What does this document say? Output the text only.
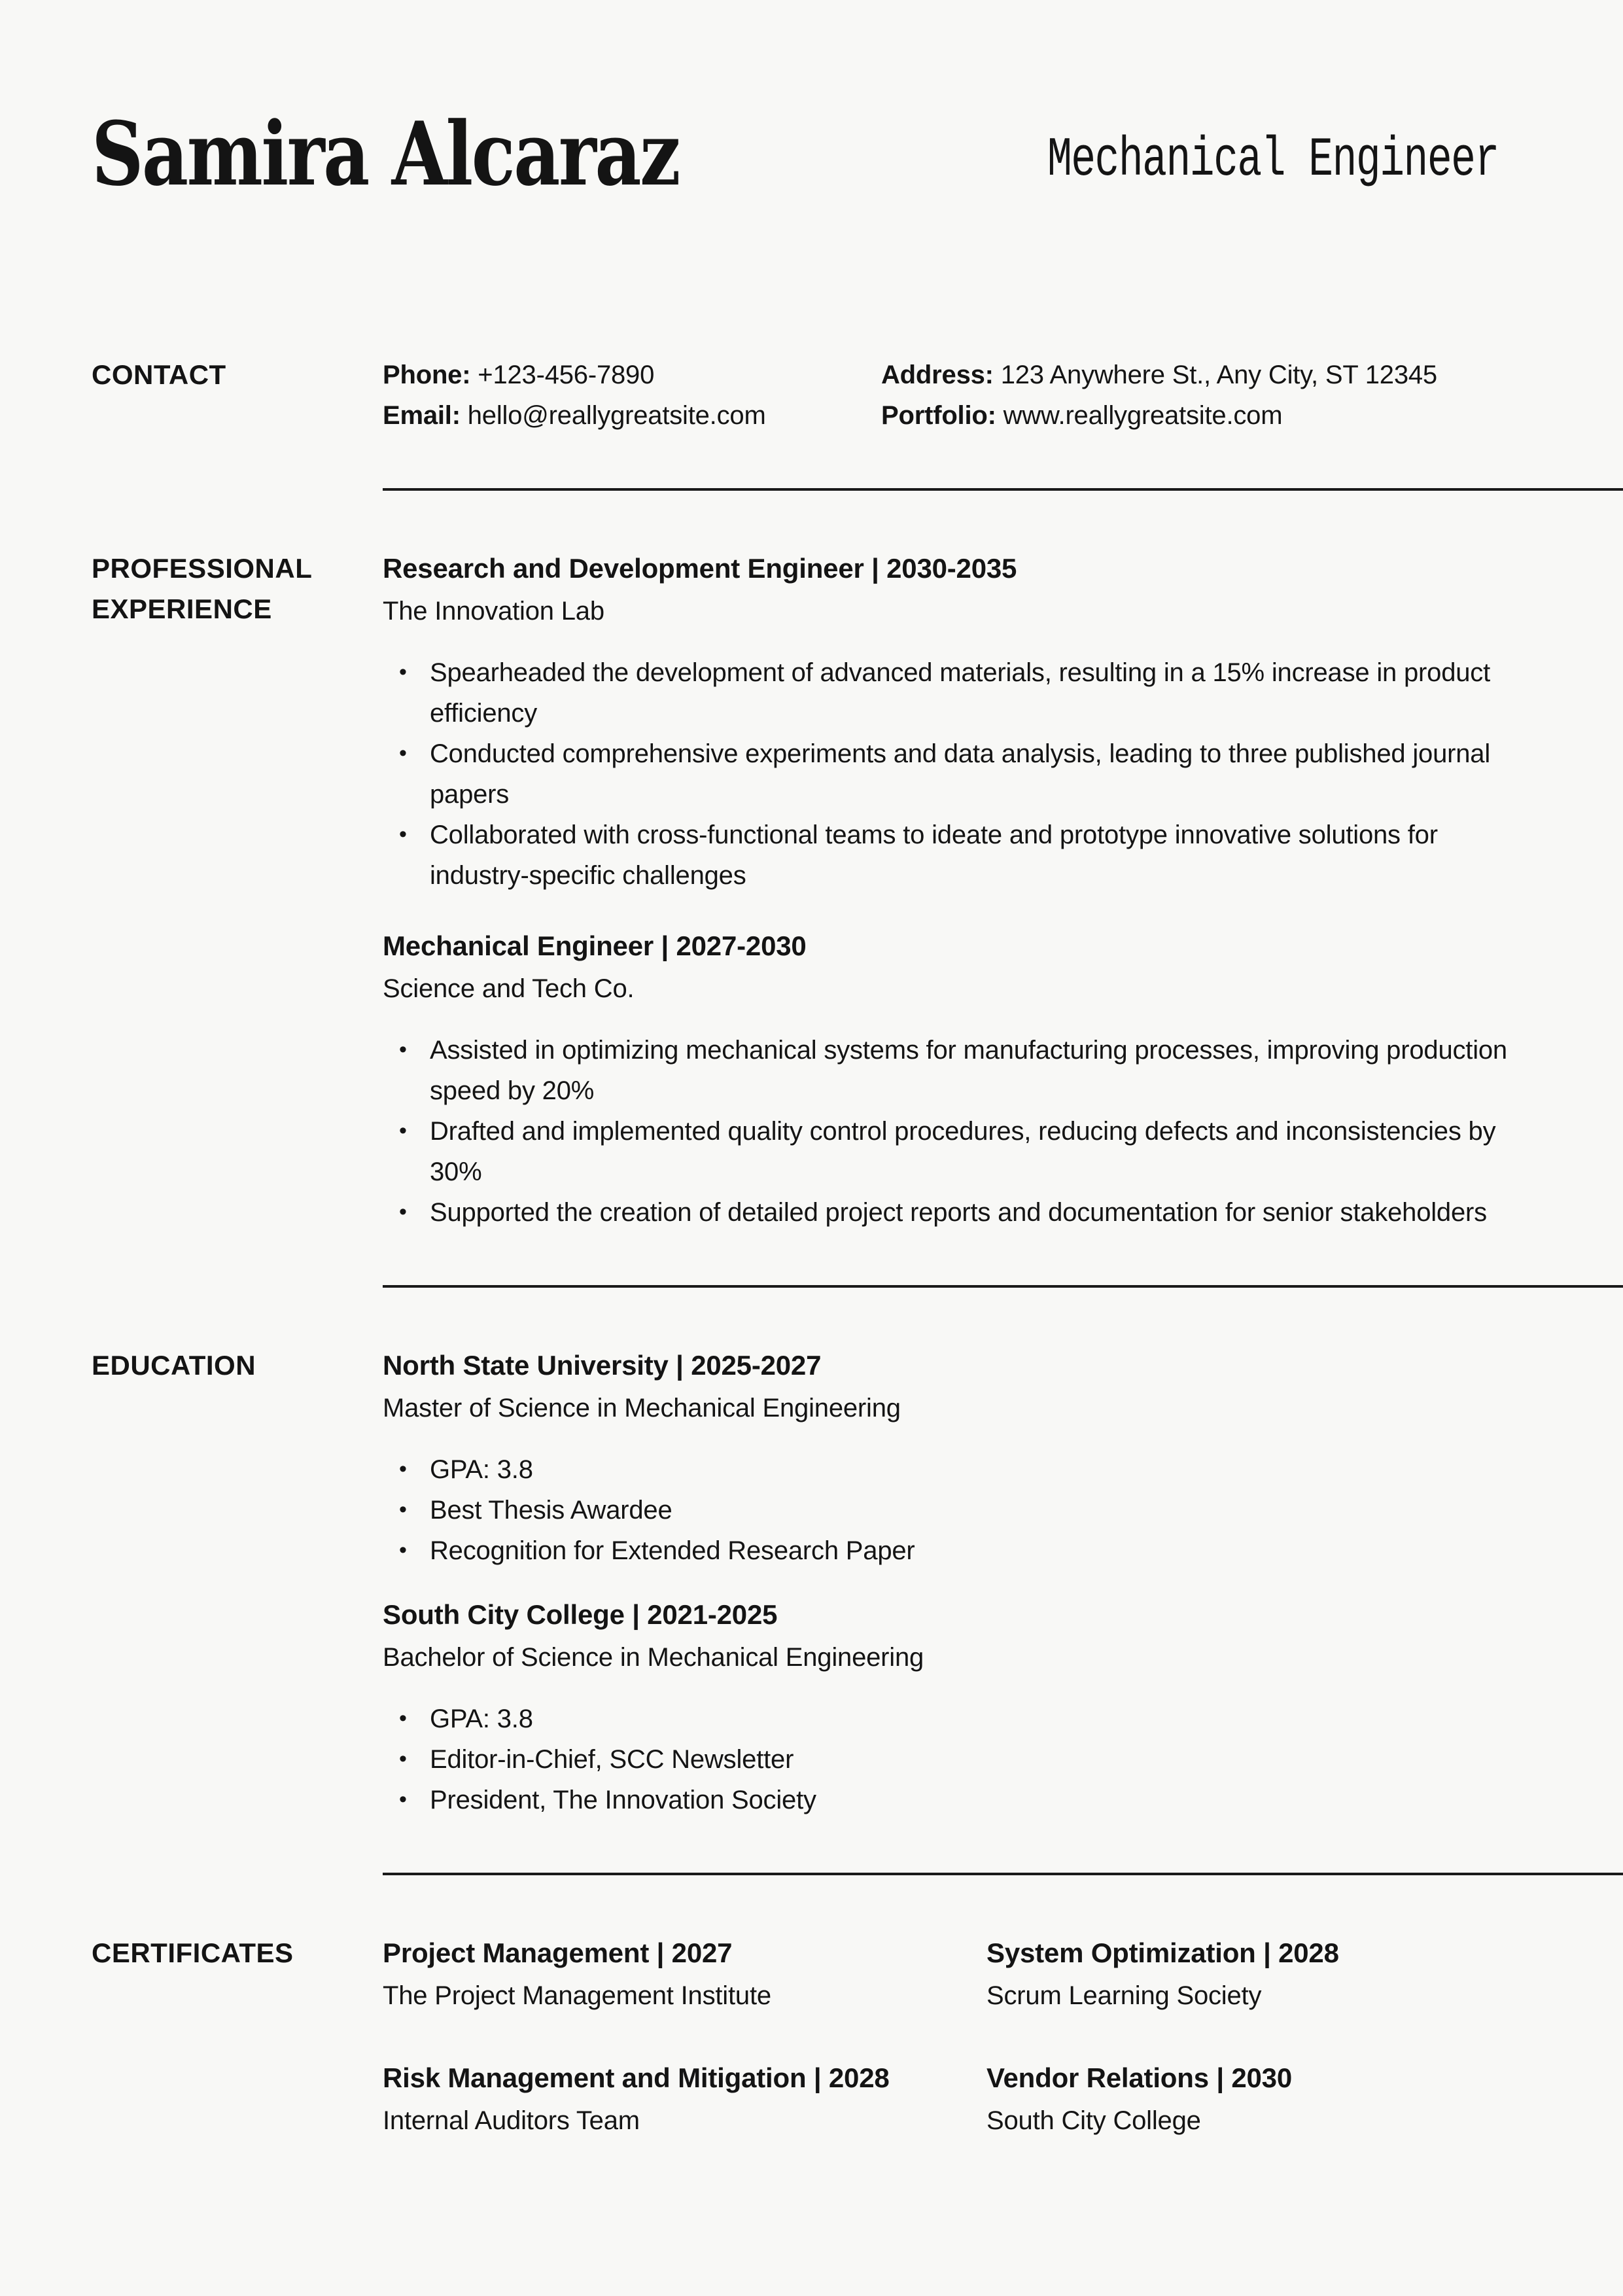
Samira Alcaraz	Mechanical Engineer
CONTACT	Phone: +123-456-7890
Email: hello@reallygreatsite.com
Address: 123 Anywhere St., Any City, ST 12345
Portfolio: www.reallygreatsite.com
PROFESSIONAL EXPERIENCE
Research and Development Engineer | 2030-2035
The Innovation Lab
• Spearheaded the development of advanced materials, resulting in a 15% increase in product efficiency
• Conducted comprehensive experiments and data analysis, leading to three published journal papers
• Collaborated with cross-functional teams to ideate and prototype innovative solutions for industry-specific challenges
Mechanical Engineer | 2027-2030
Science and Tech Co.
• Assisted in optimizing mechanical systems for manufacturing processes, improving production speed by 20%
• Drafted and implemented quality control procedures, reducing defects and inconsistencies by 30%
• Supported the creation of detailed project reports and documentation for senior stakeholders
EDUCATION	North State University | 2025-2027
Master of Science in Mechanical Engineering
• GPA: 3.8
• Best Thesis Awardee
• Recognition for Extended Research Paper
South City College | 2021-2025
Bachelor of Science in Mechanical Engineering
• GPA: 3.8
• Editor-in-Chief, SCC Newsletter
• President, The Innovation Society
CERTIFICATES	Project Management | 2027
The Project Management Institute
System Optimization | 2028
Scrum Learning Society
Risk Management and Mitigation | 2028
Internal Auditors Team
Vendor Relations | 2030
South City College
